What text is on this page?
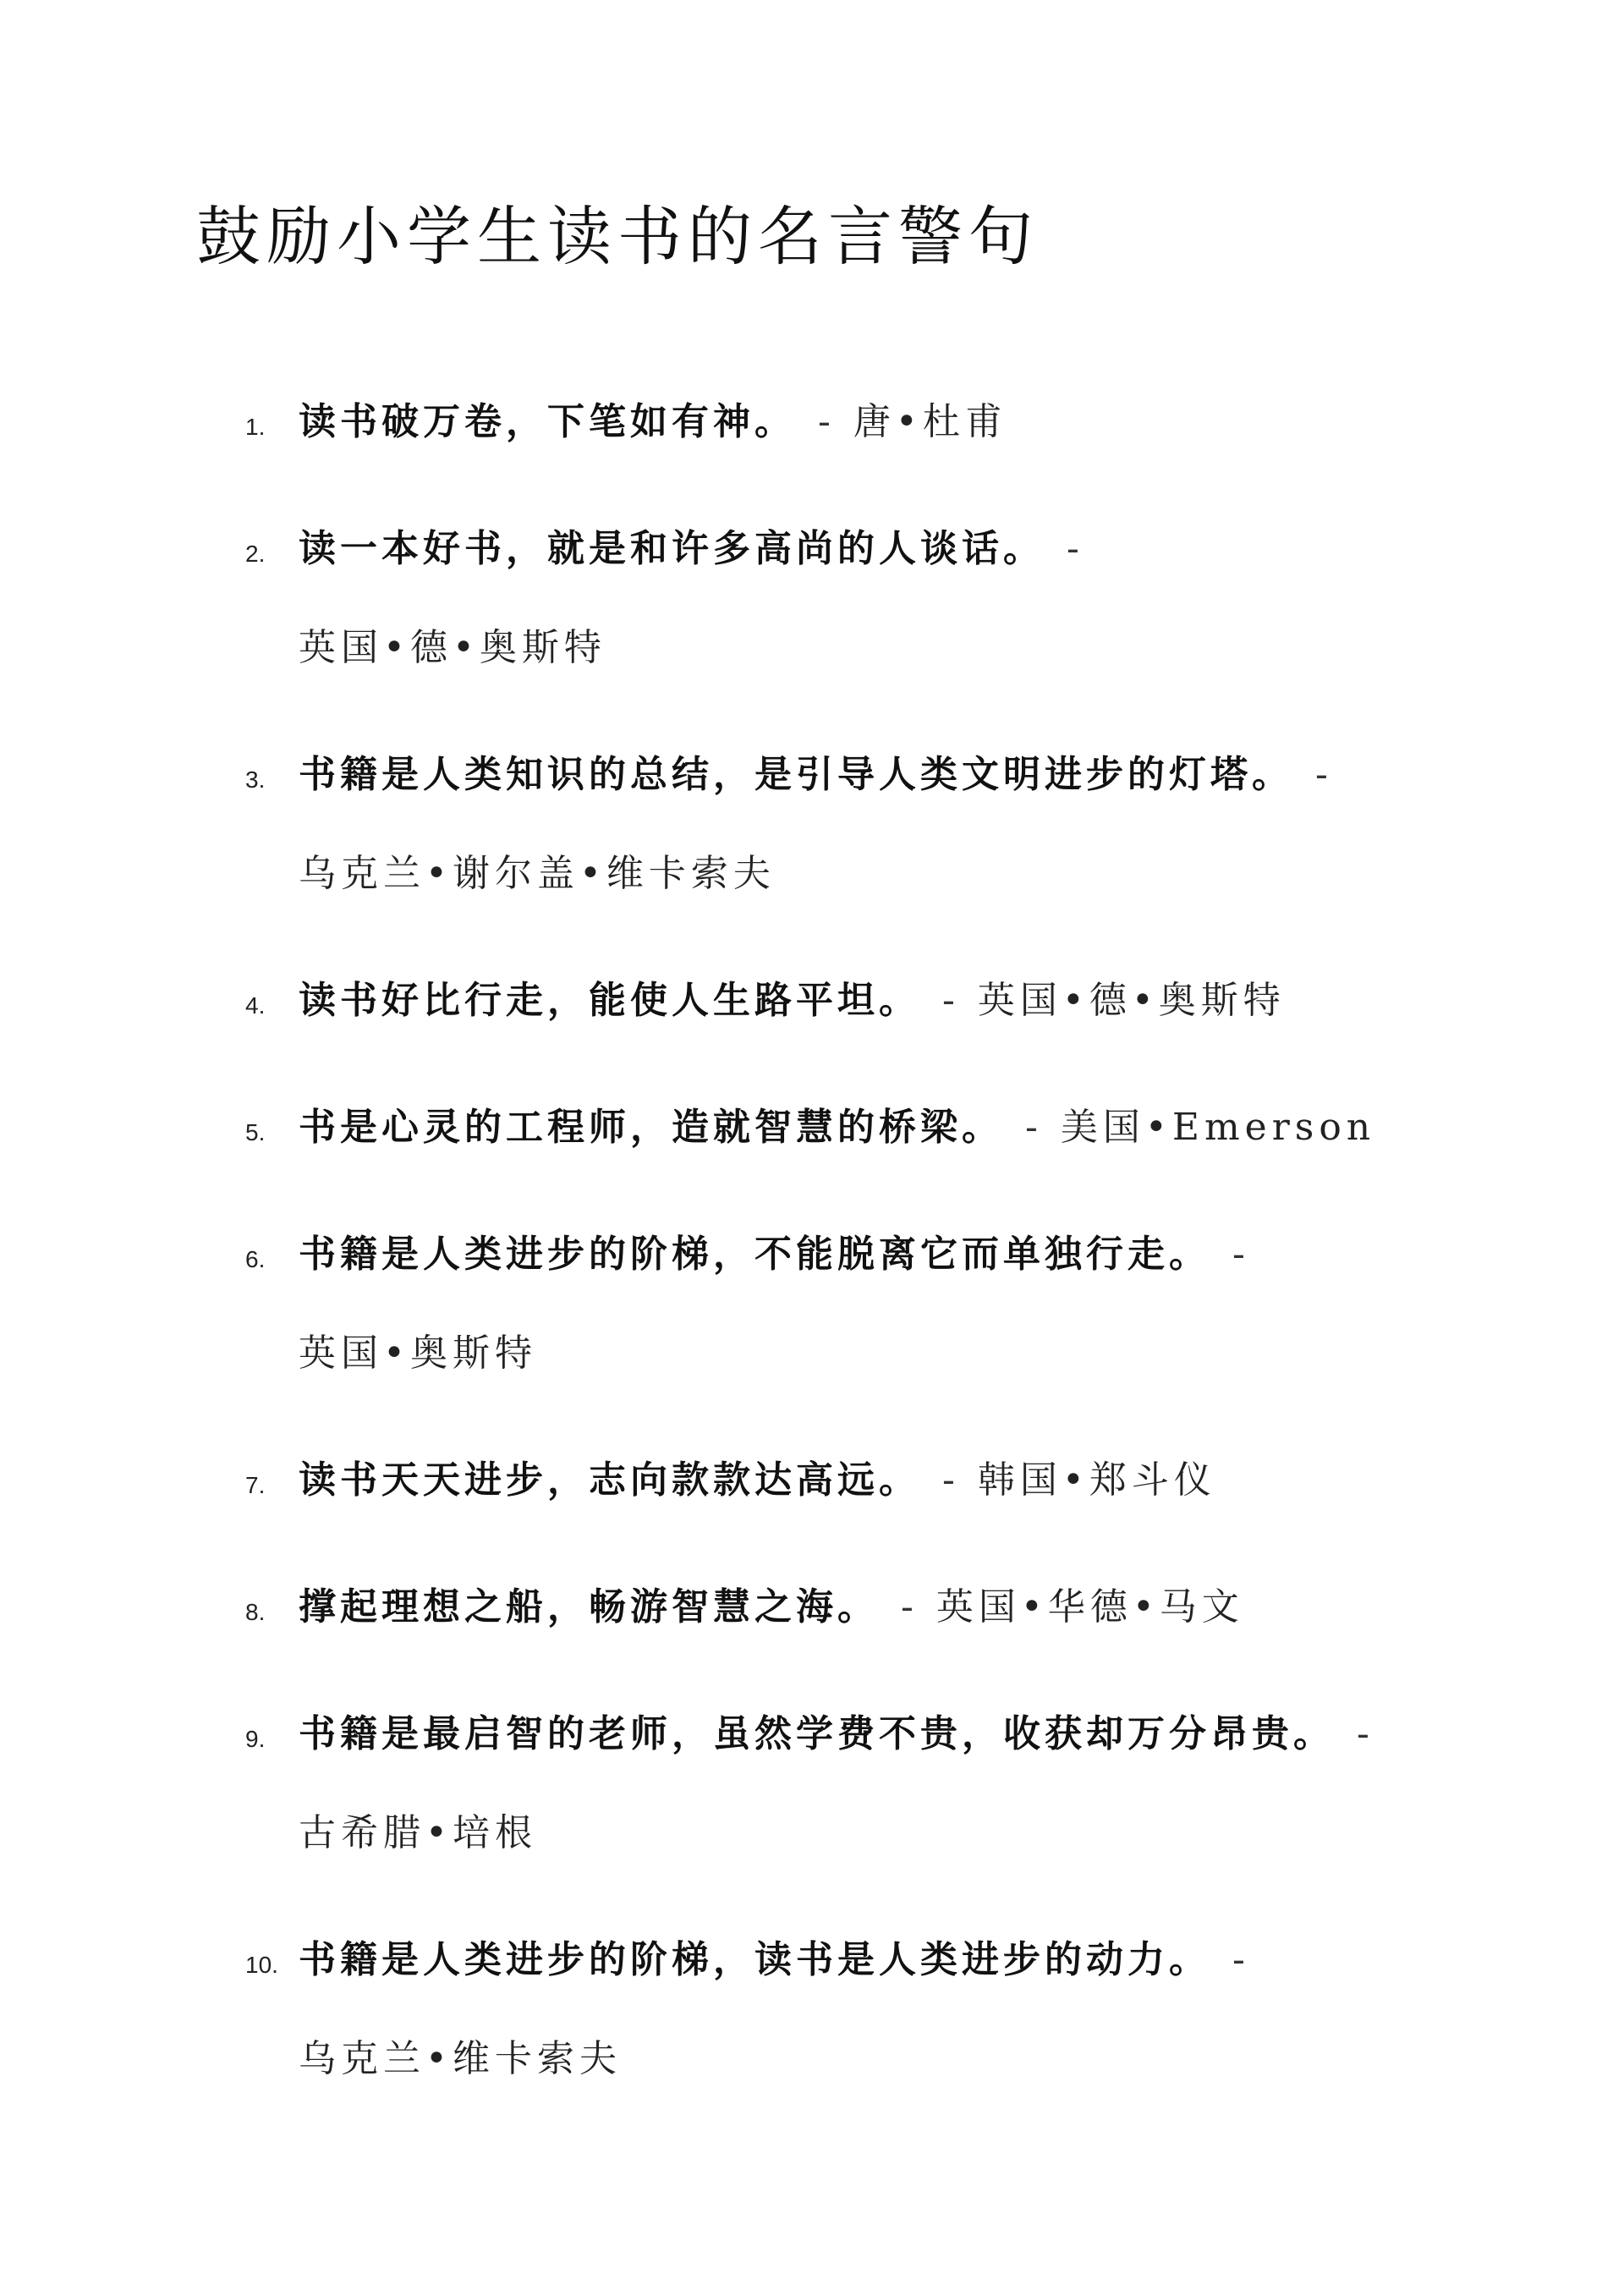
鼓励小学生读书的名言警句
1. 读书破万卷，下笔如有神。 - 唐•杜甫
2. 读一本好书，就是和许多高尚的人谈话。 -
英国•德•奥斯特
3. 书籍是人类知识的总结，是引导人类文明进步的灯塔。 -
乌克兰•谢尔盖•维卡索夫
4. 读书好比行走，能使人生路平坦。 - 英国•德•奥斯特
5. 书是心灵的工程师，造就智慧的桥梁。 - 美国•Emerson
6. 书籍是人类进步的阶梯，不能脱离它而单独行走。 -
英国•奥斯特
7. 读书天天进步，志向款款达高远。 - 韩国•郑斗仪
8. 撑起理想之船，畅游智慧之海。 - 英国•华德•马文
9. 书籍是最启智的老师，虽然学费不贵，收获却万分昂贵。 -
古希腊•培根
10. 书籍是人类进步的阶梯，读书是人类进步的动力。 -
乌克兰•维卡索夫
